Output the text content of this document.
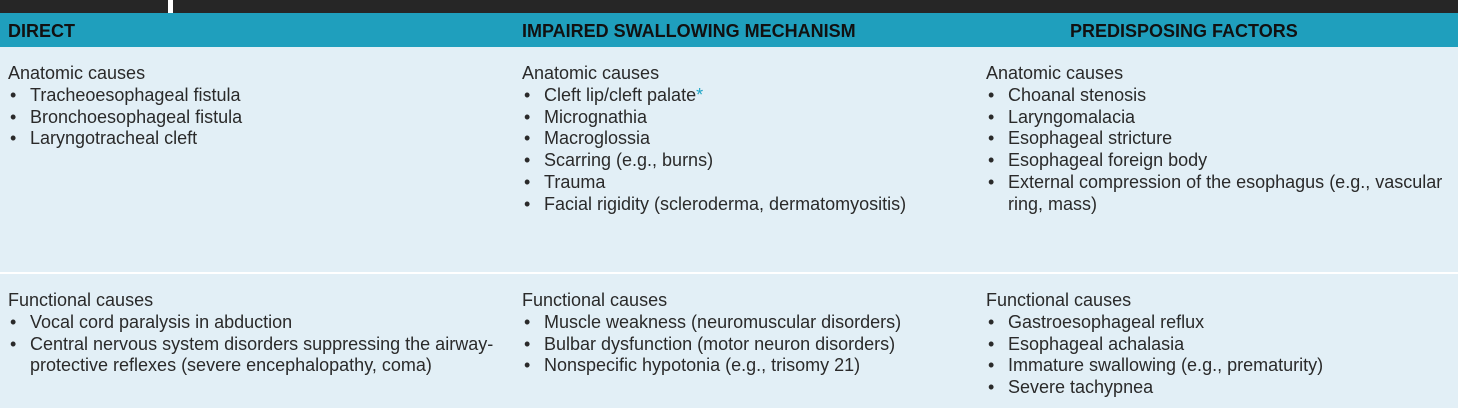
DIRECT	IMPAIRED SWALLOWING MECHANISM	PREDISPOSING FACTORS
Anatomic causes
• Tracheoesophageal fistula
• Bronchoesophageal fistula
• Laryngotracheal cleft
Anatomic causes
• Cleft lip/cleft palate*
• Micrognathia
• Macroglossia
• Scarring (e.g., burns)
• Trauma
• Facial rigidity (scleroderma, dermatomyositis)
Anatomic causes
• Choanal stenosis
• Laryngomalacia
• Esophageal stricture
• Esophageal foreign body
• External compression of the esophagus (e.g., vascular ring, mass)
Functional causes
• Vocal cord paralysis in abduction
• Central nervous system disorders suppressing the airway-protective reflexes (severe encephalopathy, coma)
Functional causes
• Muscle weakness (neuromuscular disorders)
• Bulbar dysfunction (motor neuron disorders)
• Nonspecific hypotonia (e.g., trisomy 21)
Functional causes
• Gastroesophageal reflux
• Esophageal achalasia
• Immature swallowing (e.g., prematurity)
• Severe tachypnea
